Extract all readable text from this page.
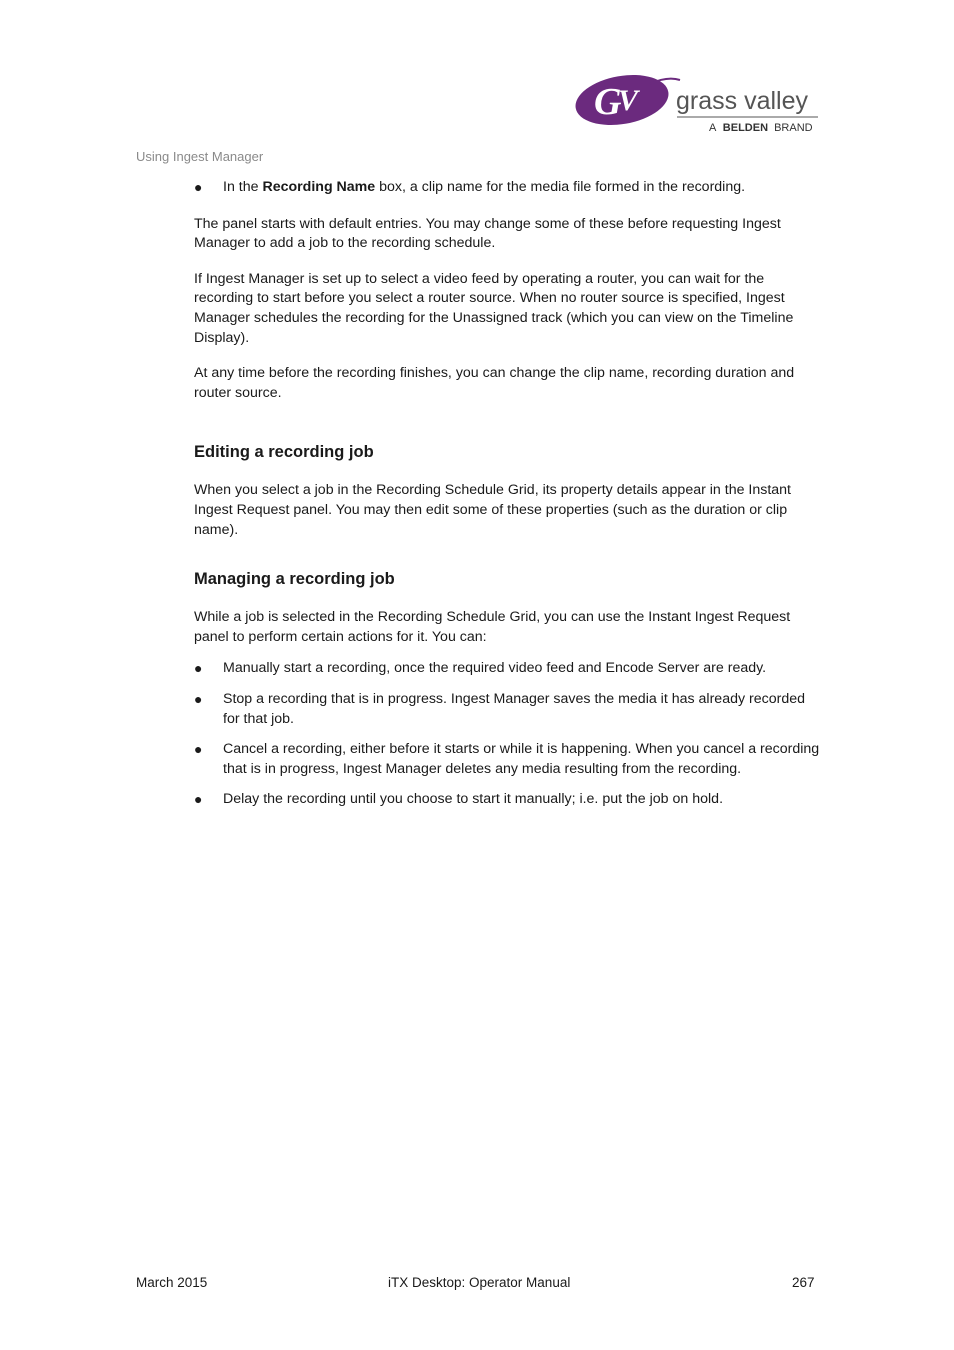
G
V grass valley
A BELDEN BRAND
Using Ingest Manager
● In the Recording Name box, a clip name for the media file formed in the recording.

The panel starts with default entries. You may change some of these before requesting Ingest Manager to add a job to the recording schedule.

If Ingest Manager is set up to select a video feed by operating a router, you can wait for the recording to start before you select a router source. When no router source is specified, Ingest Manager schedules the recording for the Unassigned track (which you can view on the Timeline Display).

At any time before the recording finishes, you can change the clip name, recording duration and router source.

Editing a recording job

When you select a job in the Recording Schedule Grid, its property details appear in the Instant Ingest Request panel. You may then edit some of these properties (such as the duration or clip name).

Managing a recording job

While a job is selected in the Recording Schedule Grid, you can use the Instant Ingest Request panel to perform certain actions for it. You can:

● Manually start a recording, once the required video feed and Encode Server are ready.
● Stop a recording that is in progress. Ingest Manager saves the media it has already recorded for that job.
● Cancel a recording, either before it starts or while it is happening. When you cancel a recording that is in progress, Ingest Manager deletes any media resulting from the recording.
● Delay the recording until you choose to start it manually; i.e. put the job on hold.
March 2015	iTX Desktop: Operator Manual	267
